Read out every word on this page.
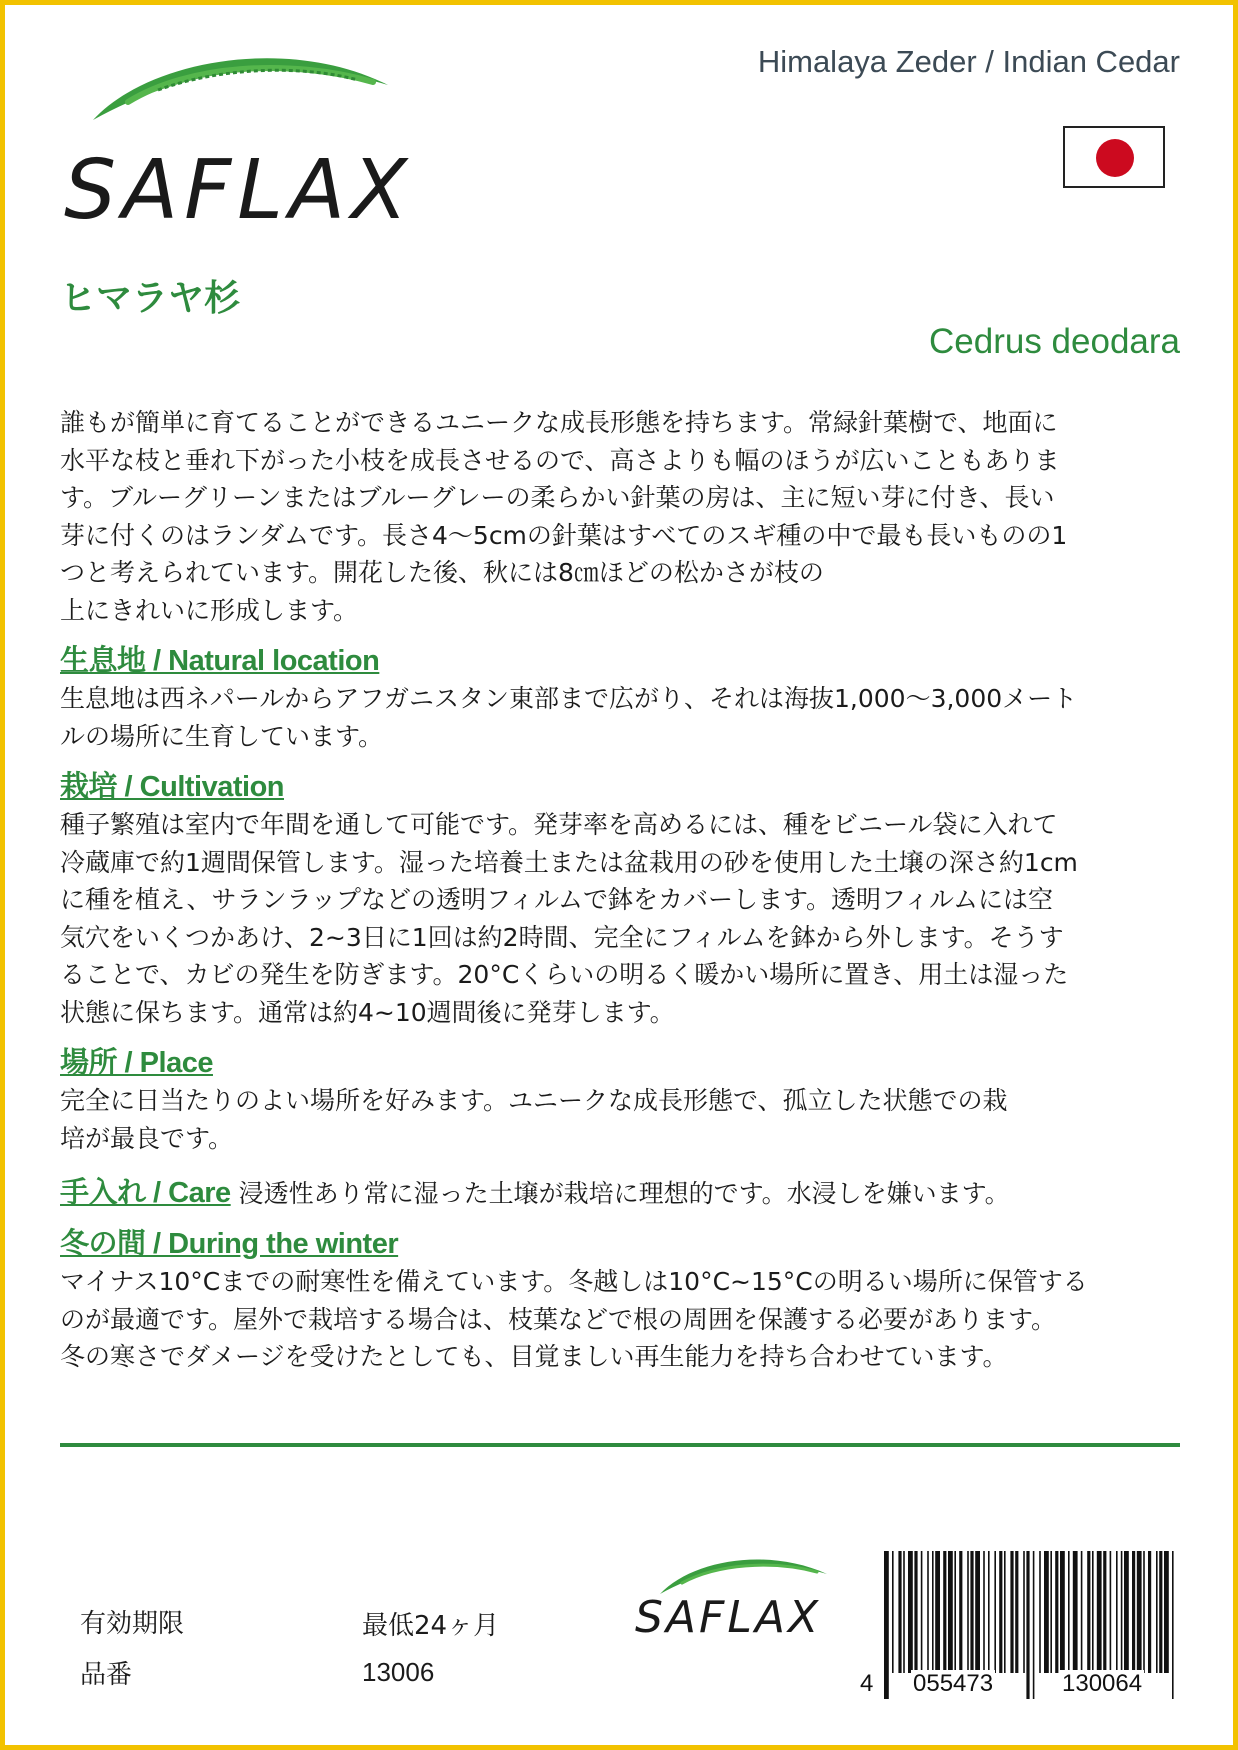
SAFLAX
Himalaya Zeder / Indian Cedar
ヒマラヤ杉
Cedrus deodara

誰もが簡単に育てることができるユニークな成長形態を持ちます。常緑針葉樹で、地面に

水平な枝と垂れ下がった小枝を成長させるので、高さよりも幅のほうが広いこともありま

す。ブルーグリーンまたはブルーグレーの柔らかい針葉の房は、主に短い芽に付き、長い

芽に付くのはランダムです。長さ4〜5cmの針葉はすべてのスギ種の中で最も長いものの1

つと考えられています。開花した後、秋には8㎝ほどの松かさが枝の

上にきれいに形成します。

生息地 / Natural location

生息地は西ネパールからアフガニスタン東部まで広がり、それは海抜1,000〜3,000メート

ルの場所に生育しています。

栽培 / Cultivation

種子繁殖は室内で年間を通して可能です。発芽率を高めるには、種をビニール袋に入れて

冷蔵庫で約1週間保管します。湿った培養土または盆栽用の砂を使用した土壌の深さ約1cm

に種を植え、サランラップなどの透明フィルムで鉢をカバーします。透明フィルムには空

気穴をいくつかあけ、2~3日に1回は約2時間、完全にフィルムを鉢から外します。そうす

ることで、カビの発生を防ぎます。20°Cくらいの明るく暖かい場所に置き、用土は湿った

状態に保ちます。通常は約4~10週間後に発芽します。

場所 / Place

完全に日当たりのよい場所を好みます。ユニークな成長形態で、孤立した状態での栽

培が最良です。

手入れ / Care 浸透性あり常に湿った土壌が栽培に理想的です。水浸しを嫌います。
冬の間 / During the winter

マイナス10°Cまでの耐寒性を備えています。冬越しは10°C~15°Cの明るい場所に保管する

のが最適です。屋外で栽培する場合は、枝葉などで根の周囲を保護する必要があります。

冬の寒さでダメージを受けたとしても、目覚ましい再生能力を持ち合わせています。

有効期限	最低24ヶ月
品番	13006
SAFLAX
4 055473	130064
